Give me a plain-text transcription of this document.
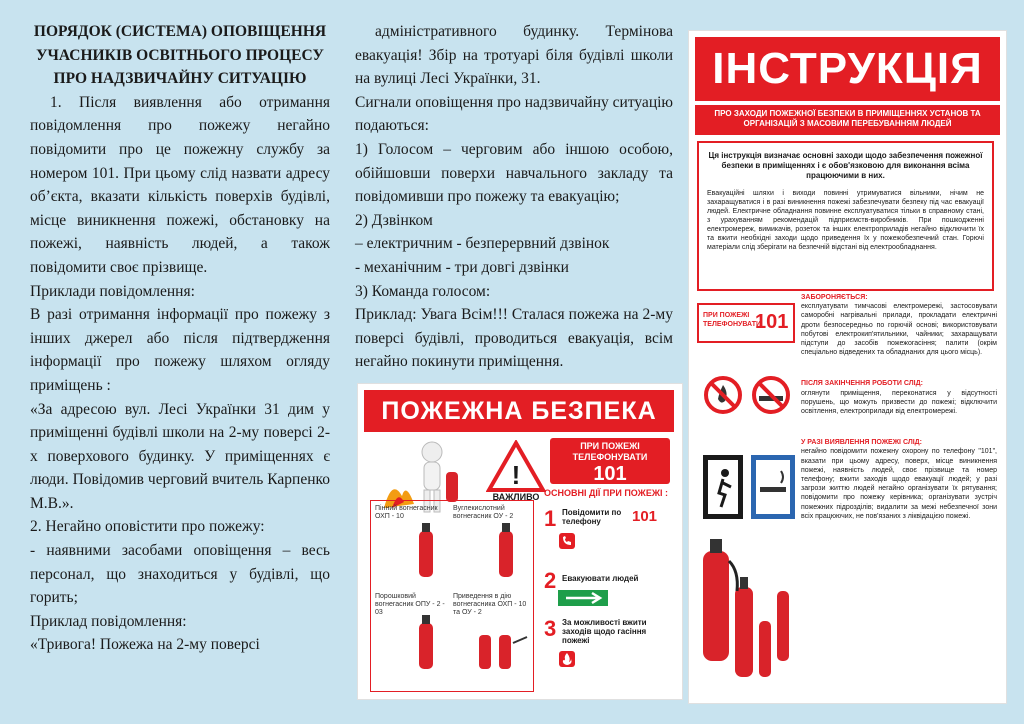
ПОРЯДОК (СИСТЕМА) ОПОВІЩЕННЯ УЧАСНИКІВ ОСВІТНЬОГО ПРОЦЕСУ ПРО НАДЗВИЧАЙНУ СИТУАЦІЮ

1. Після виявлення або отримання повідомлення про пожежу негайно повідомити про це пожежну службу за номером 101. При цьому слід назвати адресу об’єкта, вказати кількість поверхів будівлі, місце виникнення пожежі, обстановку на пожежі, наявність людей, а також повідомити своє прізвище.

Приклади повідомлення:

В разі отримання інформації про пожежу з інших джерел або після підтвердження інформації про пожежу шляхом огляду приміщень :

«За адресою вул. Лесі Українки 31 дим у приміщенні будівлі школи на 2-му поверсі 2-х поверхового будинку. У приміщеннях є люди. Повідомив черговий вчитель Карпенко М.В.».

2. Негайно оповістити про пожежу:

- наявними засобами оповіщення – весь персонал, що знаходиться у будівлі, що горить;

Приклад повідомлення:

«Тривога! Пожежа на 2-му поверсі

адміністративного будинку. Термінова евакуація! Збір на тротуарі біля будівлі школи на вулиці Лесі Українки, 31.

Сигнали оповіщення про надзвичайну ситуацію подаються:

1) Голосом – черговим або іншою особою, обійшовши поверхи навчального закладу та повідомивши про пожежу та евакуацію;

2) Дзвінком

– електричним - безперервний дзвінок

- механічним - три довгі дзвінки

3) Команда голосом:

Приклад: Увага Всім!!! Сталася пожежа на 2-му поверсі будівлі, проводиться евакуація, всім негайно покинути приміщення.

ПОЖЕЖНА БЕЗПЕКА
!
ВАЖЛИВО
ПРИ ПОЖЕЖІ ТЕЛЕФОНУВАТИ
101
ОСНОВНІ ДІЇ ПРИ ПОЖЕЖІ :
Пінний вогнегасник ОХП - 10
Вуглекислотний вогнегасник ОУ - 2
Порошковий вогнегасник ОПУ - 2 - 03
Приведення в дію вогнегасника ОХП - 10 та ОУ - 2
1 Повідомити по телефону	101
2 Евакуювати людей
3 За можливості вжити заходів щодо гасіння пожежі
ІНСТРУКЦІЯ
ПРО ЗАХОДИ ПОЖЕЖНОЇ БЕЗПЕКИ В ПРИМІЩЕННЯХ УСТАНОВ ТА ОРГАНІЗАЦІЙ З МАСОВИМ ПЕРЕБУВАННЯМ ЛЮДЕЙ
Ця інструкція визначає основні заходи щодо забезпечення пожежної безпеки в приміщеннях і є обов'язковою для виконання всіма працюючими в них.
Евакуаційні шляхи і виходи повинні утримуватися вільними, нічим не захаращуватися і в разі виникнення пожежі забезпечувати безпеку під час евакуації людей. Електричне обладнання повинне експлуатуватися тільки в справному стані, з урахуванням рекомендацій підприємств-виробників. При пошкодженні електромереж, вимикачів, розеток та інших електроприладів негайно відключити їх та вжити необхідні заходи щодо приведення їх у пожежобезпечний стан. Горючі матеріали слід зберігати на безпечній відстані від електрообладнання.
ПРИ ПОЖЕЖІ ТЕЛЕФОНУВАТИ
101
ЗАБОРОНЯЄТЬСЯ:
експлуатувати тимчасові електромережі, застосовувати саморобні нагрівальні прилади, прокладати електричні дроти безпосередньо по горючій основі; використовувати побутові електрокип'ятильники, чайники; захаращувати підступи до засобів пожежогасіння; палити (окрім спеціально відведених та обладнаних для цього місць).
ПІСЛЯ ЗАКІНЧЕННЯ РОБОТИ СЛІД:
оглянути приміщення, переконатися у відсутності порушень, що можуть призвести до пожежі; відключити освітлення, електроприлади від електромережі.
У РАЗІ ВИЯВЛЕННЯ ПОЖЕЖІ СЛІД:
негайно повідомити пожежну охорону по телефону "101", вказати при цьому адресу, поверх, місце виникнення пожежі, наявність людей, своє прізвище та номер телефону; вжити заходів щодо евакуації людей; у разі загрози життю людей негайно організувати їх рятування; повідомити про пожежу керівника; організувати зустріч пожежних підрозділів; видалити за межі небезпечної зони всіх працюючих, не пов'язаних з ліквідацією пожежі.
